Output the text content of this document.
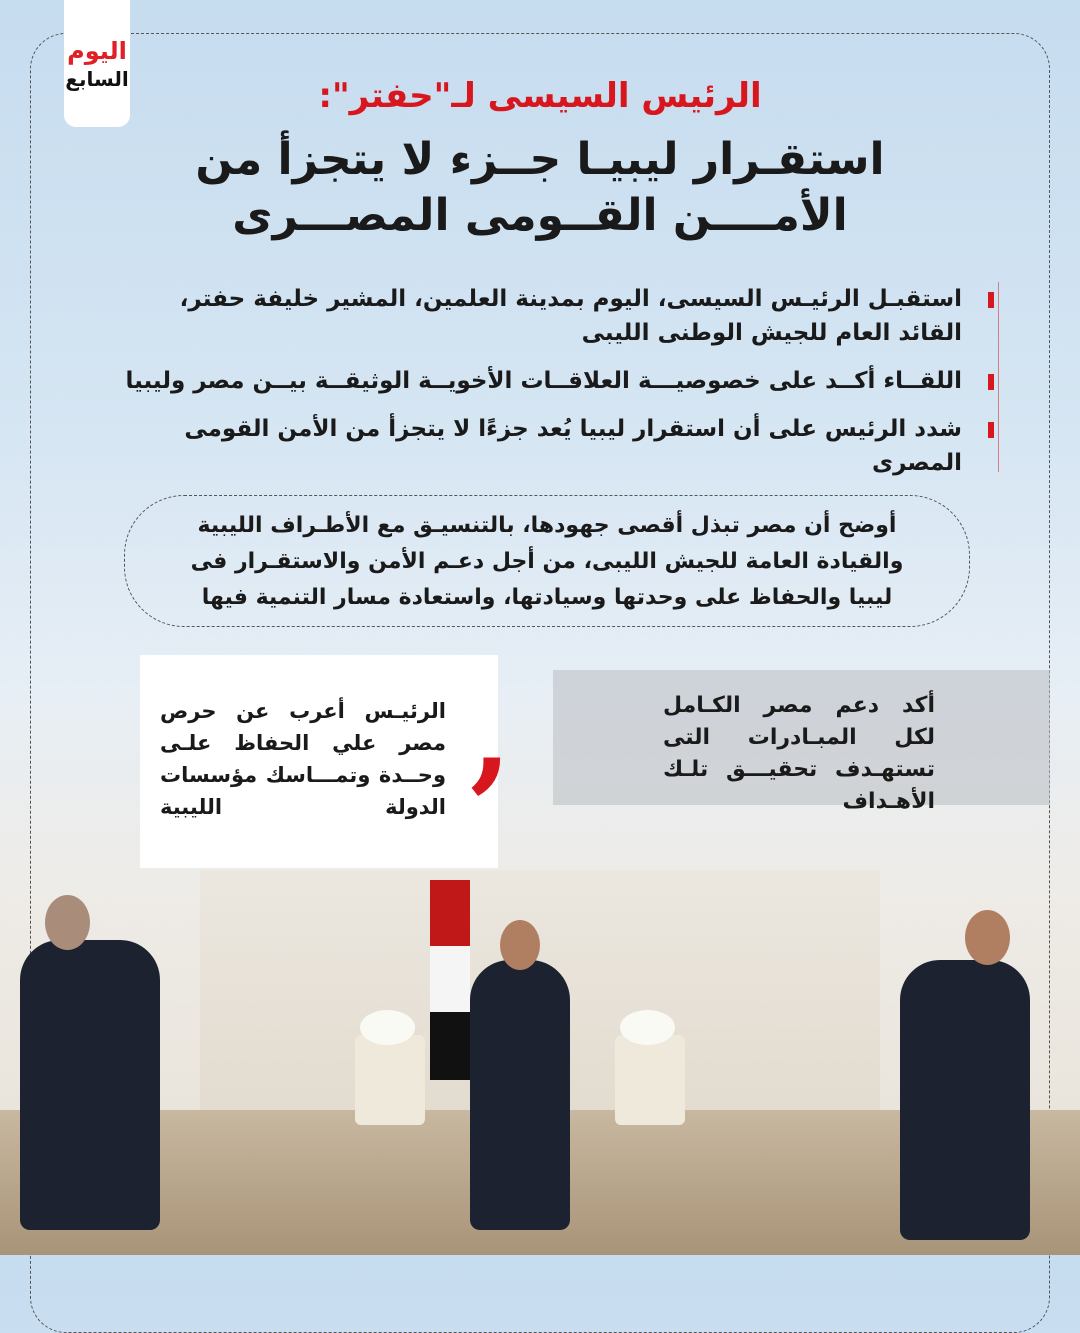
اليوم
السابع	الرئيس السيسى لـ"حفتر":
استقـرار ليبيـا جــزء لا يتجزأ من
الأمــــن القــومى المصـــرى
استقبـل الرئيـس السيسى، اليوم بمدينة العلمين، المشير خليفة حفتر، القائد العام للجيش الوطنى الليبى
اللقــاء أكــد على خصوصيـــة العلاقــات الأخويــة الوثيقــة بيــن مصر وليبيا
شدد الرئيس على أن استقرار ليبيا يُعد جزءًا لا يتجزأ من الأمن القومى المصرى
أوضح أن مصر تبذل أقصى جهودها، بالتنسيـق مع الأطـراف الليبية والقيادة العامة للجيش الليبى، من أجل دعـم الأمن والاستقـرار فى ليبيا والحفاظ على وحدتها وسيادتها، واستعادة مسار التنمية فيها
الرئيـس أعرب عن حرص مصر علي الحفاظ علـى وحــدة وتمـــاسك مؤسسات الدولة الليبية
,	أكد دعم مصر الكـامل لكل المبـادرات التى تستهـدف تحقيـــق تلـك الأهـداف
